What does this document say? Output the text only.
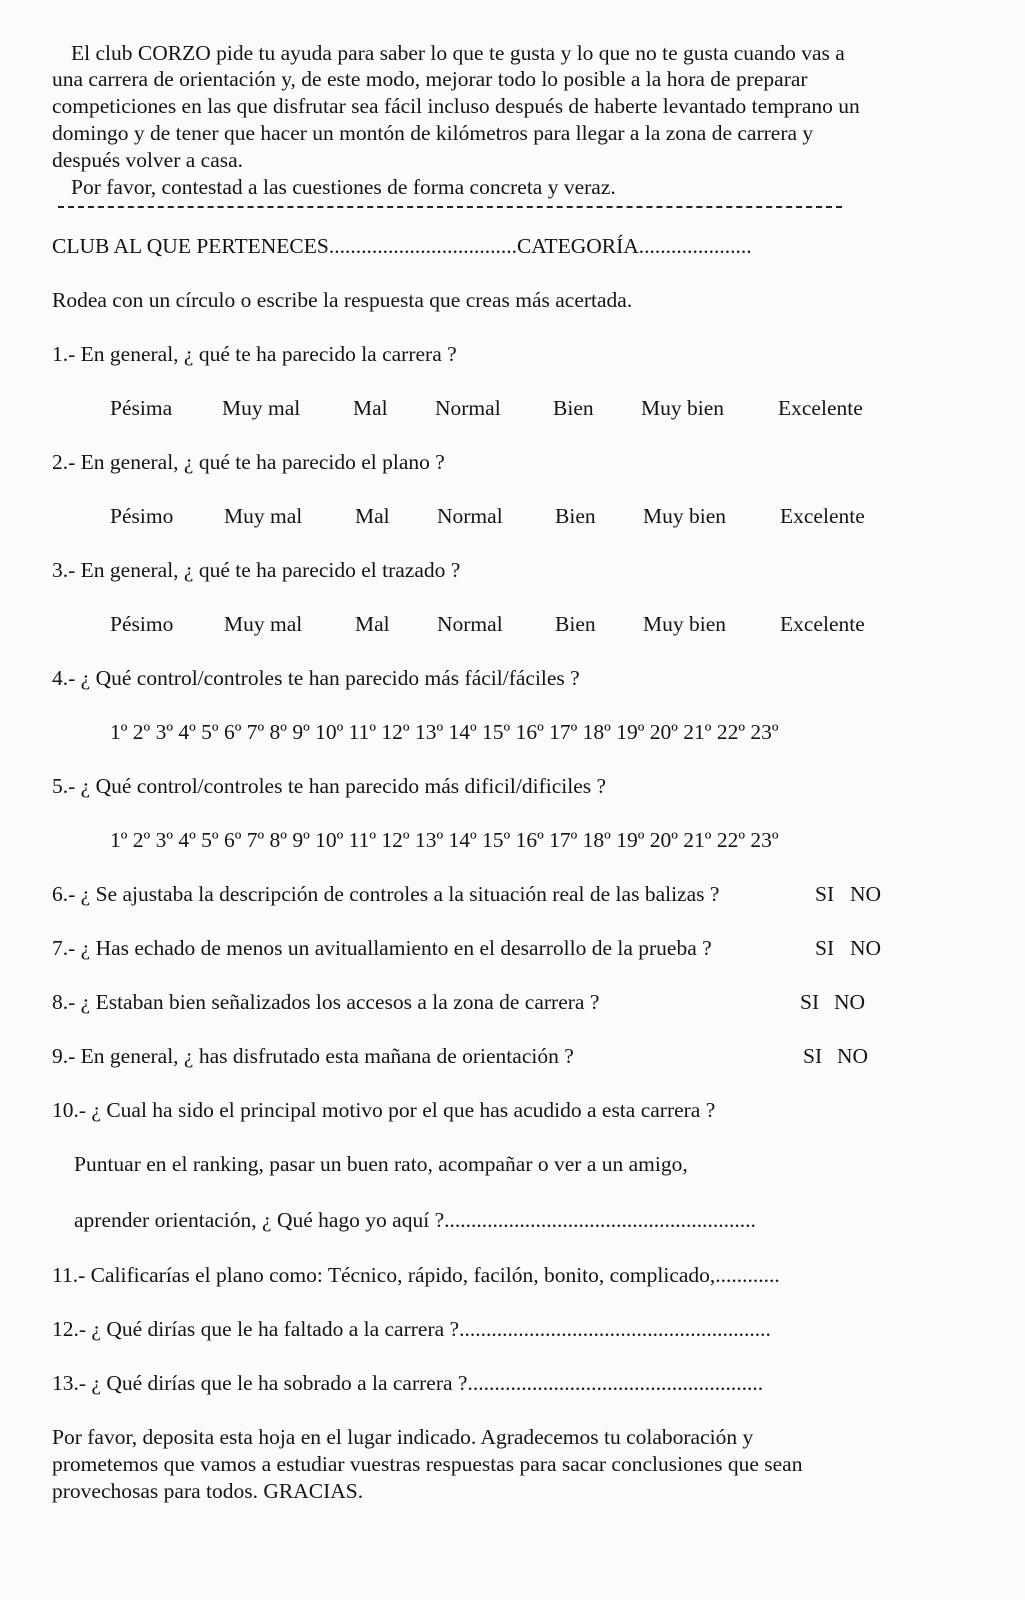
El club CORZO pide tu ayuda para saber lo que te gusta y lo que no te gusta cuando vas a
una carrera de orientación y, de este modo, mejorar todo lo posible a la hora de preparar
competiciones en las que disfrutar sea fácil incluso después de haberte levantado temprano un
domingo y de tener que hacer un montón de kilómetros para llegar a la zona de carrera y
después volver a casa.
Por favor, contestad a las cuestiones de forma concreta y veraz.
CLUB AL QUE PERTENECES...................................CATEGORÍA.....................
Rodea con un círculo o escribe la respuesta que creas más acertada.
1.- En general, ¿ qué te ha parecido la carrera ?
Pésima Muy mal Mal Normal Bien Muy bien	Excelente
2.- En general, ¿ qué te ha parecido el plano ?
Pésimo Muy mal Mal Normal Bien Muy bien	Excelente
3.- En general, ¿ qué te ha parecido el trazado ?
Pésimo Muy mal Mal Normal Bien Muy bien	Excelente
4.- ¿ Qué control/controles te han parecido más fácil/fáciles ?
1º 2º 3º 4º 5º 6º 7º 8º 9º 10º 11º 12º 13º 14º 15º 16º 17º 18º 19º 20º 21º 22º 23º
5.- ¿ Qué control/controles te han parecido más dificil/dificiles ?
1º 2º 3º 4º 5º 6º 7º 8º 9º 10º 11º 12º 13º 14º 15º 16º 17º 18º 19º 20º 21º 22º 23º
6.- ¿ Se ajustaba la descripción de controles a la situación real de las balizas ?	SI NO
7.- ¿ Has echado de menos un avituallamiento en el desarrollo de la prueba ?	SI NO
8.- ¿ Estaban bien señalizados los accesos a la zona de carrera ?	SI NO
9.- En general, ¿ has disfrutado esta mañana de orientación ?	SI NO
10.- ¿ Cual ha sido el principal motivo por el que has acudido a esta carrera ?
Puntuar en el ranking, pasar un buen rato, acompañar o ver a un amigo,
aprender orientación, ¿ Qué hago yo aquí ?..........................................................
11.- Calificarías el plano como: Técnico, rápido, facilón, bonito, complicado,............
12.- ¿ Qué dirías que le ha faltado a la carrera ?..........................................................
13.- ¿ Qué dirías que le ha sobrado a la carrera ?.......................................................
Por favor, deposita esta hoja en el lugar indicado. Agradecemos tu colaboración y
prometemos que vamos a estudiar vuestras respuestas para sacar conclusiones que sean
provechosas para todos. GRACIAS.
